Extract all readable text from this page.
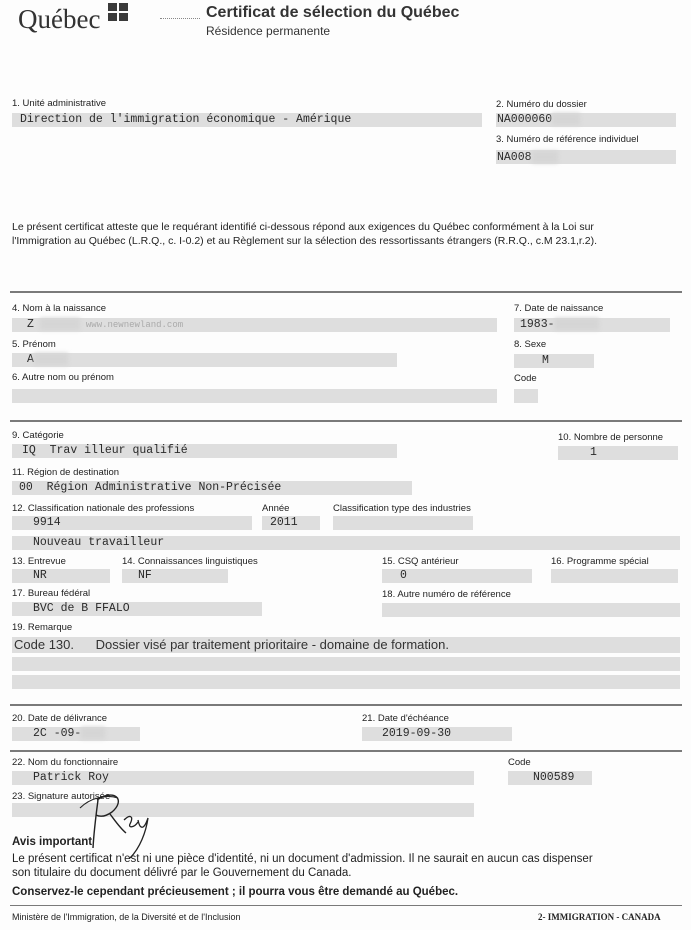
Québec	Certificat de sélection du Québec
Résidence permanente
1. Unité administrative
Direction de l'immigration économique - Amérique
2. Numéro du dossier
NA000060
3. Numéro de référence individuel
NA008
Le présent certificat atteste que le requérant identifié ci-dessous répond aux exigences du Québec conformément à la Loi sur
l'Immigration au Québec (L.R.Q., c. I-0.2) et au Règlement sur la sélection des ressortissants étrangers (R.R.Q., c.M 23.1,r.2).
4. Nom à la naissance
Z	www.newnewland.com
7. Date de naissance
1983-
5. Prénom
A
8. Sexe
M
6. Autre nom ou prénom	Code
9. Catégorie
IQ Trav illeur qualifié
10. Nombre de personne
1
11. Région de destination
00 Région Administrative Non-Précisée
12. Classification nationale des professions
9914
Année
2011
Classification type des industries
Nouveau travailleur
13. Entrevue
NR
14. Connaissances linguistiques
NF
15. CSQ antérieur
0
16. Programme spécial
17. Bureau fédéral
BVC de B FFALO
18. Autre numéro de référence
19. Remarque
Code 130. Dossier visé par traitement prioritaire - domaine de formation.
20. Date de délivrance
2C -09-
21. Date d'échéance
2019-09-30
22. Nom du fonctionnaire
Patrick Roy
Code
N00589
23. Signature autorisée
Avis important
Le présent certificat n'est ni une pièce d'identité, ni un document d'admission. Il ne saurait en aucun cas dispenser
son titulaire du document délivré par le Gouvernement du Canada.
Conservez-le cependant précieusement ; il pourra vous être demandé au Québec.
Ministère de l'Immigration, de la Diversité et de l'Inclusion	2- IMMIGRATION - CANADA
